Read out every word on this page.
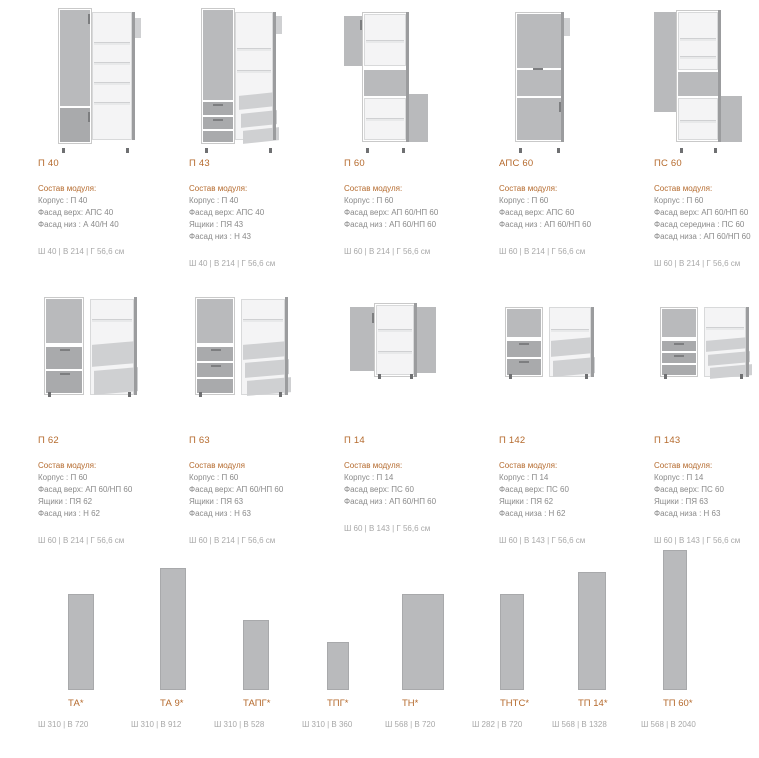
П 40
Состав модуля:
Корпус : П 40
Фасад верх: АПС 40
Фасад низ : А 40/Н 40
Ш 40 | В 214 | Г 56,6 см
П 43
Состав модуля:
Корпус : П 40
Фасад верх: АПС 40
Ящики : ПЯ 43
Фасад низ : Н 43
Ш 40 | В 214 | Г 56,6 см
П 60
Состав модуля:
Корпус : П 60
Фасад верх: АП 60/НП 60
Фасад низ : АП 60/НП 60
Ш 60 | В 214 | Г 56,6 см
АПС 60
Состав модуля:
Корпус : П 60
Фасад верх: АПС 60
Фасад низ : АП 60/НП 60
Ш 60 | В 214 | Г 56,6 см
ПС 60
Состав модуля:
Корпус : П 60
Фасад верх: АП 60/НП 60
Фасад середина : ПС 60
Фасад низа : АП 60/НП 60
Ш 60 | В 214 | Г 56,6 см
П 62
Состав модуля:
Корпус : П 60
Фасад верх: АП 60/НП 60
Ящики : ПЯ 62
Фасад низ : Н 62
Ш 60 | В 214 | Г 56,6 см
П 63
Состав модуля
Корпус : П 60
Фасад верх: АП 60/НП 60
Ящики : ПЯ 63
Фасад низ : Н 63
Ш 60 | В 214 | Г 56,6 см
П 14
Состав модуля:
Корпус : П 14
Фасад верх: ПС 60
Фасад низ : АП 60/НП 60
Ш 60 | В 143 | Г 56,6 см
П 142
Состав модуля:
Корпус : П 14
Фасад верх: ПС 60
Ящики : ПЯ 62
Фасад низа : Н 62
Ш 60 | В 143 | Г 56,6 см
П 143
Состав модуля:
Корпус : П 14
Фасад верх: ПС 60
Ящики : ПЯ 63
Фасад низа : Н 63
Ш 60 | В 143 | Г 56,6 см
ТА*
Ш 310 | В 720
ТА 9*
Ш 310 | В 912
ТАПГ*
Ш 310 | В 528
ТПГ*
Ш 310 | В 360
ТН*
Ш 568 | В 720
ТНТС*
Ш 282 | В 720
ТП 14*
Ш 568 | В 1328
ТП 60*
Ш 568 | В 2040
